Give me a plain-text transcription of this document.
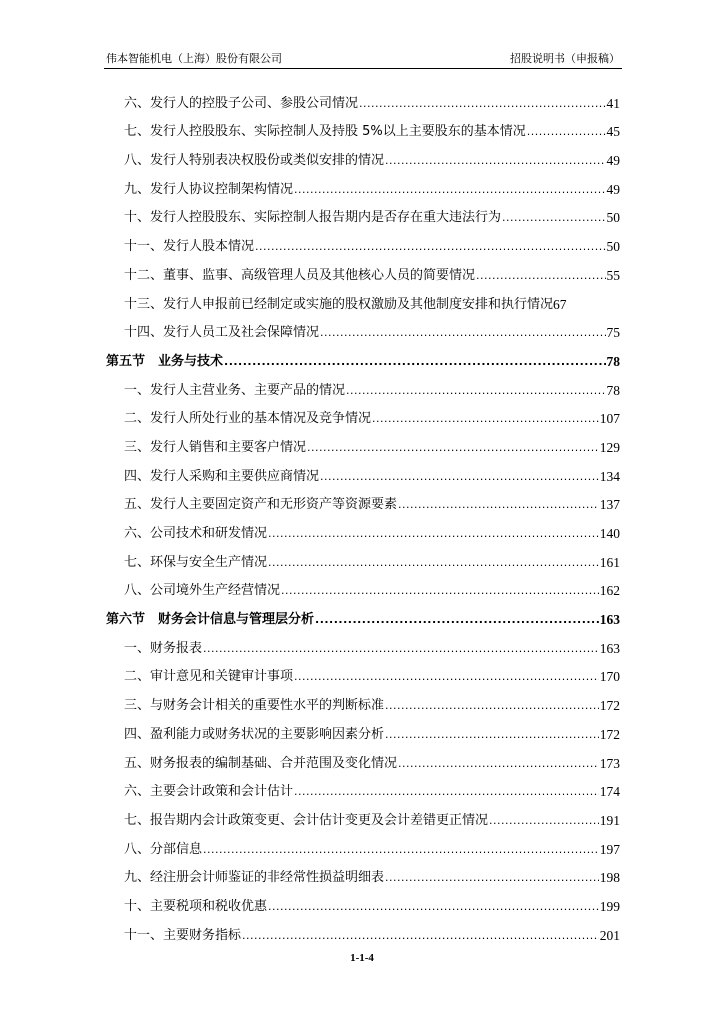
伟本智能机电（上海）股份有限公司	招股说明书（申报稿）
六、发行人的控股子公司、参股公司情况 .....	41
七、发行人控股股东、实际控制人及持股 5%以上主要股东的基本情况 .....	45
八、发行人特别表决权股份或类似安排的情况 .....	49
九、发行人协议控制架构情况 .....	49
十、发行人控股股东、实际控制人报告期内是否存在重大违法行为 .....	50
十一、发行人股本情况 .....	50
十二、董事、监事、高级管理人员及其他核心人员的简要情况 .....	55
十三、发行人申报前已经制定或实施的股权激励及其他制度安排和执行情况 67
十四、发行人员工及社会保障情况 .....	75
第五节　业务与技术 .....	78
一、发行人主营业务、主要产品的情况 .....	78
二、发行人所处行业的基本情况及竞争情况 .....	107
三、发行人销售和主要客户情况 .....	129
四、发行人采购和主要供应商情况 .....	134
五、发行人主要固定资产和无形资产等资源要素 .....	137
六、公司技术和研发情况 .....	140
七、环保与安全生产情况 .....	161
八、公司境外生产经营情况 .....	162
第六节　财务会计信息与管理层分析 .....	163
一、财务报表 .....	163
二、审计意见和关键审计事项 .....	170
三、与财务会计相关的重要性水平的判断标准 .....	172
四、盈利能力或财务状况的主要影响因素分析 .....	172
五、财务报表的编制基础、合并范围及变化情况 .....	173
六、主要会计政策和会计估计 .....	174
七、报告期内会计政策变更、会计估计变更及会计差错更正情况 .....	191
八、分部信息 .....	197
九、经注册会计师鉴证的非经常性损益明细表 .....	198
十、主要税项和税收优惠 .....	199
十一、主要财务指标 .....	201
1-1-4
